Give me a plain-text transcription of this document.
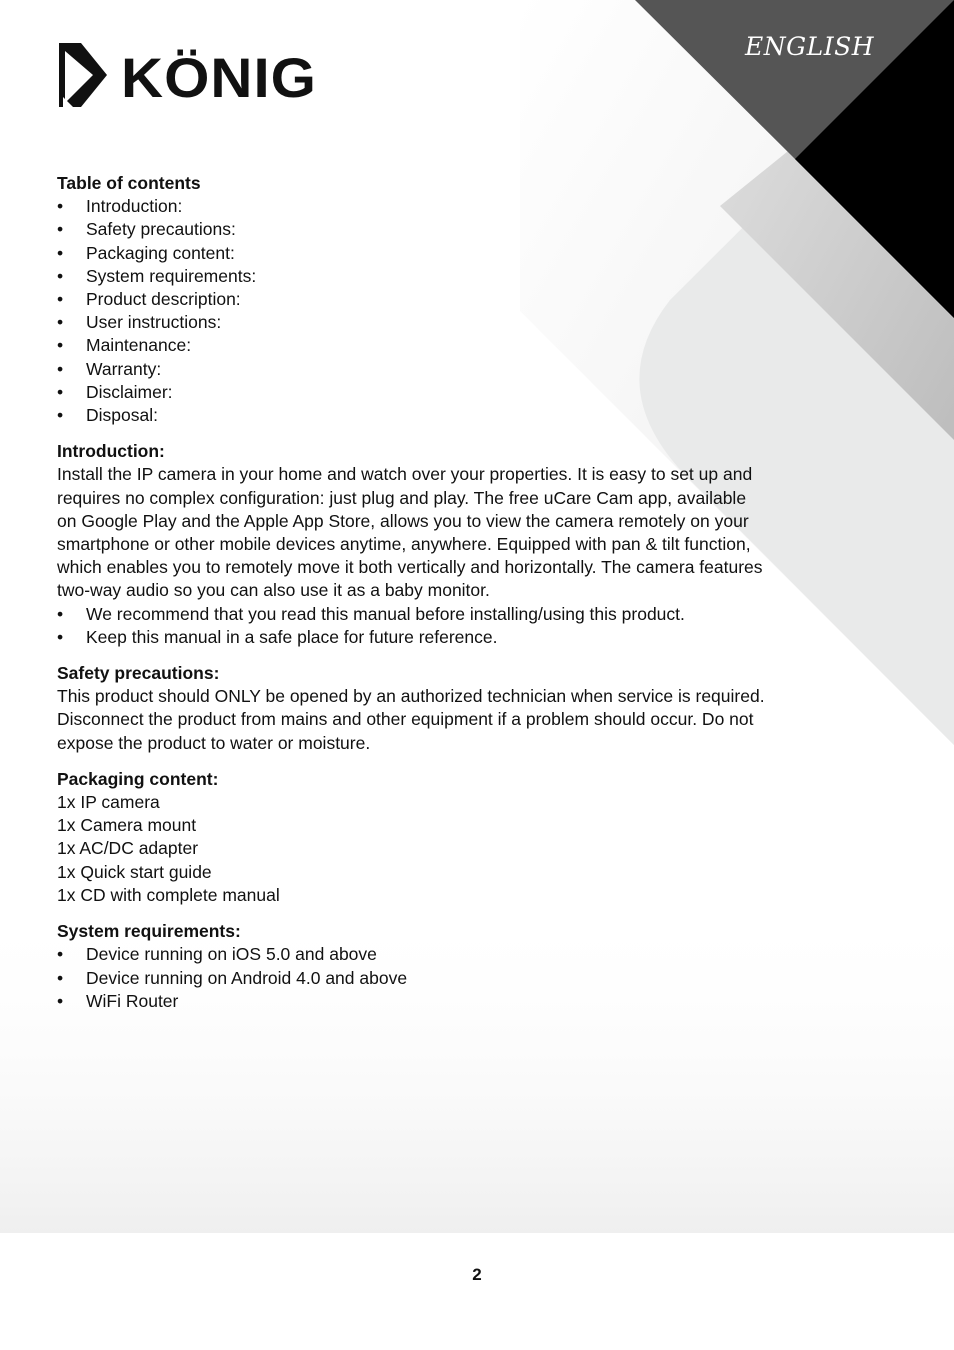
KÖNIG	ENGLISH
Table of contents
• Introduction:
• Safety precautions:
• Packaging content:
• System requirements:
• Product description:
• User instructions:
• Maintenance:
• Warranty:
• Disclaimer:
• Disposal:
Introduction:

Install the IP camera in your home and watch over your properties. It is easy to set up and
requires no complex configuration: just plug and play. The free uCare Cam app, available
on Google Play and the Apple App Store, allows you to view the camera remotely on your
smartphone or other mobile devices anytime, anywhere. Equipped with pan & tilt function,
which enables you to remotely move it both vertically and horizontally. The camera features
two-way audio so you can also use it as a baby monitor.

• We recommend that you read this manual before installing/using this product.
• Keep this manual in a safe place for future reference.
Safety precautions:

This product should ONLY be opened by an authorized technician when service is required.
Disconnect the product from mains and other equipment if a problem should occur. Do not
expose the product to water or moisture.

Packaging content:
1x IP camera
1x Camera mount
1x AC/DC adapter
1x Quick start guide
1x CD with complete manual
System requirements:
• Device running on iOS 5.0 and above
• Device running on Android 4.0 and above
• WiFi Router
2
